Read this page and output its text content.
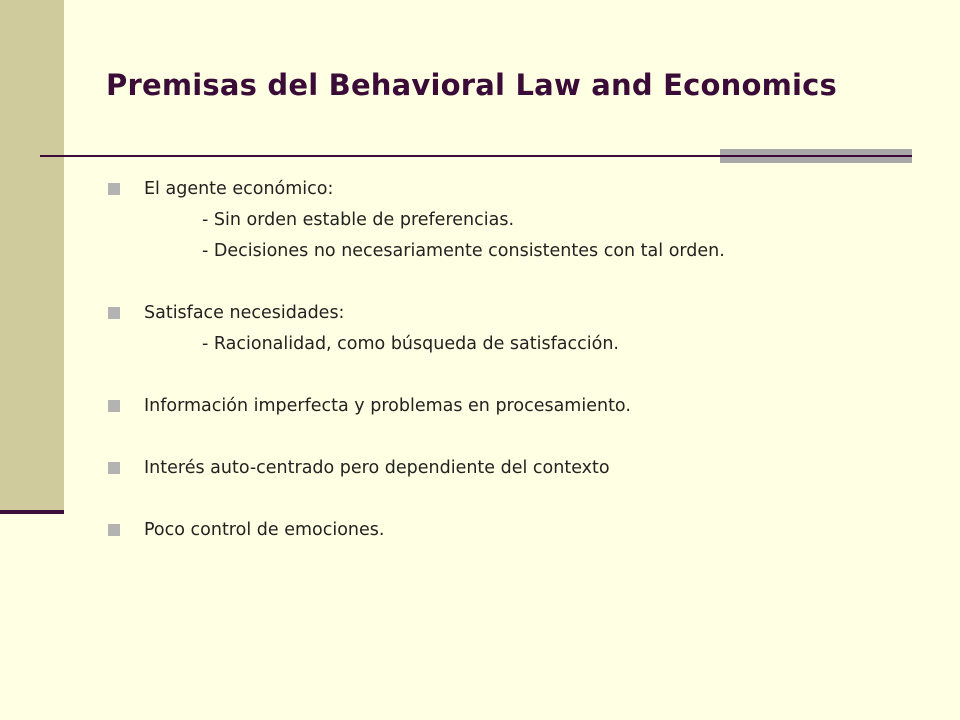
Premisas del Behavioral Law and Economics
El agente económico:
- Sin orden estable de preferencias.
- Decisiones no necesariamente consistentes con tal orden.
Satisface necesidades:
- Racionalidad, como búsqueda de satisfacción.
Información imperfecta y problemas en procesamiento.
Interés auto-centrado pero dependiente del contexto
Poco control de emociones.
